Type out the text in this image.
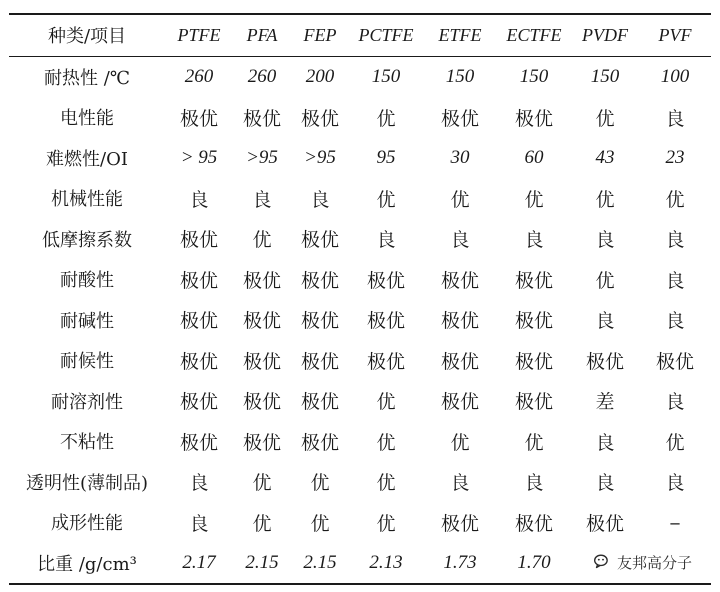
种类/项目	PTFE	PFA	FEP	PCTFE	ETFE	ECTFE	PVDF	PVF
耐热性 /℃	260	260	200	150	150	150	150	100
电性能	极优	极优	极优	优	极优	极优	优	良
难燃性/OI	> 95	>95	>95	95	30	60	43	23
机械性能	良	良	良	优	优	优	优	优
低摩擦系数	极优	优	极优	良	良	良	良	良
耐酸性	极优	极优	极优	极优	极优	极优	优	良
耐碱性	极优	极优	极优	极优	极优	极优	良	良
耐候性	极优	极优	极优	极优	极优	极优	极优	极优
耐溶剂性	极优	极优	极优	优	极优	极优	差	良
不粘性	极优	极优	极优	优	优	优	良	优
透明性(薄制品)	良	优	优	优	良	良	良	良
成形性能	良	优	优	优	极优	极优	极优	–
比重 /g/cm³	2.17	2.15	2.15	2.13	1.73	1.70			友邦高分子
